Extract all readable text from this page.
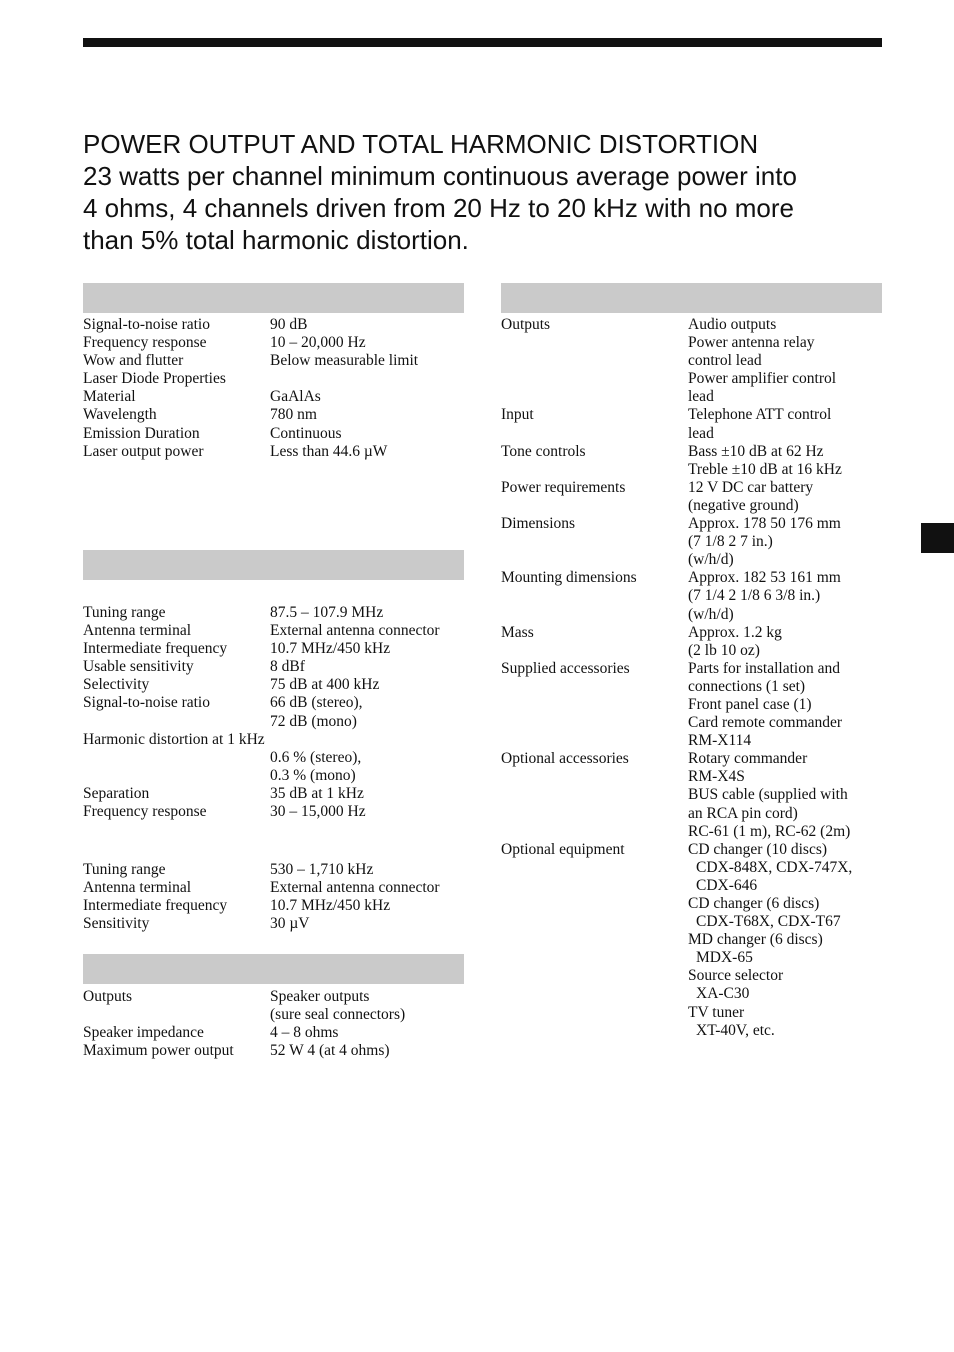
POWER OUTPUT AND TOTAL HARMONIC DISTORTION
23 watts per channel minimum continuous average power into
4 ohms, 4 channels driven from 20 Hz to 20 kHz with no more
than 5% total harmonic distortion.
Signal-to-noise ratio	90 dB
Frequency response	10 – 20,000 Hz
Wow and flutter	Below measurable limit
Laser Diode Properties

Material	GaAlAs
Wavelength	780 nm
Emission Duration	Continuous
Laser output power	Less than 44.6 µW
Tuning range	87.5 – 107.9 MHz
Antenna terminal	External antenna connector
Intermediate frequency	10.7 MHz/450 kHz
Usable sensitivity	8 dBf
Selectivity	75 dB at 400 kHz
Signal-to-noise ratio	66 dB (stereo),
72 dB (mono)
Harmonic distortion at 1 kHz
0.6 % (stereo),
0.3 % (mono)
Separation	35 dB at 1 kHz
Frequency response	30 – 15,000 Hz
Tuning range	530 – 1,710 kHz
Antenna terminal	External antenna connector
Intermediate frequency	10.7 MHz/450 kHz
Sensitivity	30 µV
Outputs	Speaker outputs
(sure seal connectors)
Speaker impedance	4 – 8 ohms
Maximum power output 52 W 4 (at 4 ohms)
Outputs	Audio outputs
Power antenna relay
control lead
Power amplifier control
lead
Input	Telephone ATT control
lead
Tone controls	Bass ±10 dB at 62 Hz
Treble ±10 dB at 16 kHz
Power requirements	12 V DC car battery
(negative ground)
Dimensions	Approx. 178 50 176 mm
(7 1/8 2 7 in.)
(w/h/d)
Mounting dimensions	Approx. 182 53 161 mm
(7 1/4 2 1/8 6 3/8 in.)
(w/h/d)
Mass	Approx. 1.2 kg
(2 lb 10 oz)
Supplied accessories	Parts for installation and
connections (1 set)
Front panel case (1)
Card remote commander
RM-X114
Optional accessories	Rotary commander
RM-X4S
BUS cable (supplied with
an RCA pin cord)
RC-61 (1 m), RC-62 (2m)
Optional equipment	CD changer (10 discs)
CDX-848X, CDX-747X,
CDX-646
CD changer (6 discs)
CDX-T68X, CDX-T67
MD changer (6 discs)
MDX-65
Source selector
XA-C30
TV tuner
XT-40V, etc.
